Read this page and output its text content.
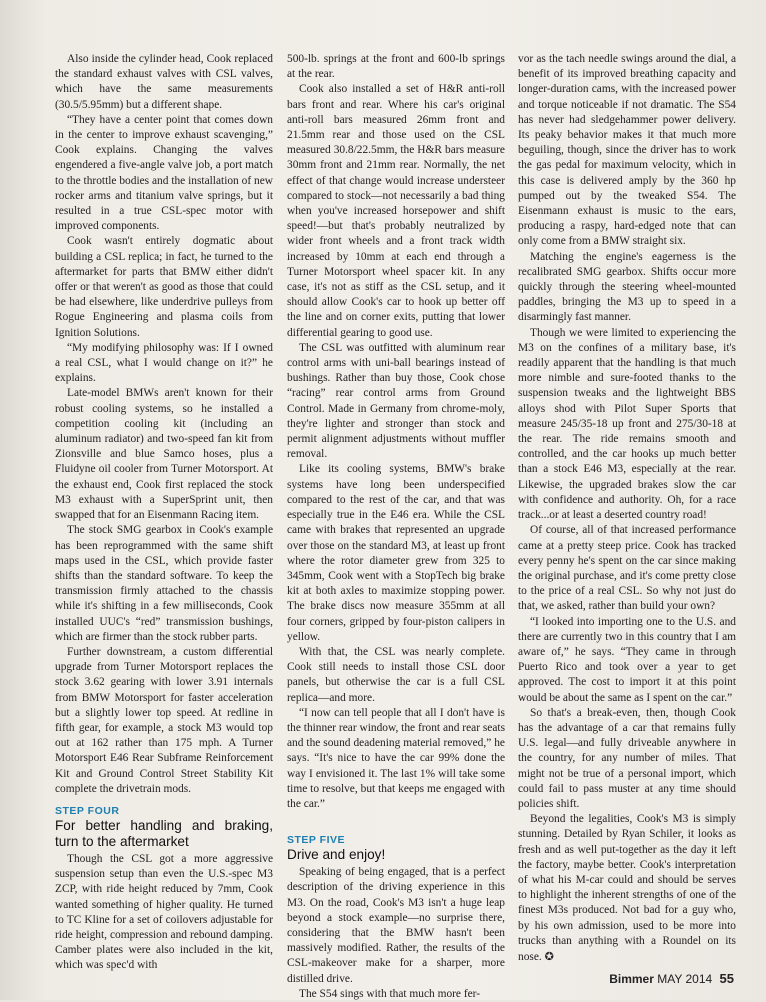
Also inside the cylinder head, Cook replaced the standard exhaust valves with CSL valves, which have the same measurements (30.5/5.95mm) but a different shape.

“They have a center point that comes down in the center to improve exhaust scavenging,” Cook explains. Changing the valves engendered a five-angle valve job, a port match to the throttle bodies and the installation of new rocker arms and titanium valve springs, but it resulted in a true CSL-spec motor with improved components.

Cook wasn't entirely dogmatic about building a CSL replica; in fact, he turned to the aftermarket for parts that BMW either didn't offer or that weren't as good as those that could be had elsewhere, like underdrive pulleys from Rogue Engineering and plasma coils from Ignition Solutions.

“My modifying philosophy was: If I owned a real CSL, what I would change on it?” he explains.

Late-model BMWs aren't known for their robust cooling systems, so he installed a competition cooling kit (including an aluminum radiator) and two-speed fan kit from Zionsville and blue Samco hoses, plus a Fluidyne oil cooler from Turner Motorsport. At the exhaust end, Cook first replaced the stock M3 exhaust with a SuperSprint unit, then swapped that for an Eisenmann Racing item.

The stock SMG gearbox in Cook's example has been reprogrammed with the same shift maps used in the CSL, which provide faster shifts than the standard software. To keep the transmission firmly attached to the chassis while it's shifting in a few milliseconds, Cook installed UUC's “red” transmission bushings, which are firmer than the stock rubber parts.

Further downstream, a custom differential upgrade from Turner Motorsport replaces the stock 3.62 gearing with lower 3.91 internals from BMW Motorsport for faster acceleration but a slightly lower top speed. At redline in fifth gear, for example, a stock M3 would top out at 162 rather than 175 mph. A Turner Motorsport E46 Rear Subframe Reinforcement Kit and Ground Control Street Stability Kit complete the drivetrain mods.

STEP FOUR
For better handling and braking, turn to the aftermarket

Though the CSL got a more aggressive suspension setup than even the U.S.-spec M3 ZCP, with ride height reduced by 7mm, Cook wanted something of higher quality. He turned to TC Kline for a set of coilovers adjustable for ride height, compression and rebound damping. Camber plates were also included in the kit, which was spec'd with

500-lb. springs at the front and 600-lb springs at the rear.

Cook also installed a set of H&R anti-roll bars front and rear. Where his car's original anti-roll bars measured 26mm front and 21.5mm rear and those used on the CSL measured 30.8/22.5mm, the H&R bars measure 30mm front and 21mm rear. Normally, the net effect of that change would increase understeer compared to stock—not necessarily a bad thing when you've increased horsepower and shift speed!—but that's probably neutralized by wider front wheels and a front track width increased by 10mm at each end through a Turner Motorsport wheel spacer kit. In any case, it's not as stiff as the CSL setup, and it should allow Cook's car to hook up better off the line and on corner exits, putting that lower differential gearing to good use.

The CSL was outfitted with aluminum rear control arms with uni-ball bearings instead of bushings. Rather than buy those, Cook chose “racing” rear control arms from Ground Control. Made in Germany from chrome-moly, they're lighter and stronger than stock and permit alignment adjustments without muffler removal.

Like its cooling systems, BMW's brake systems have long been underspecified compared to the rest of the car, and that was especially true in the E46 era. While the CSL came with brakes that represented an upgrade over those on the standard M3, at least up front where the rotor diameter grew from 325 to 345mm, Cook went with a StopTech big brake kit at both axles to maximize stopping power. The brake discs now measure 355mm at all four corners, gripped by four-piston calipers in yellow.

With that, the CSL was nearly complete. Cook still needs to install those CSL door panels, but otherwise the car is a full CSL replica—and more.

“I now can tell people that all I don't have is the thinner rear window, the front and rear seats and the sound deadening material removed,” he says. “It's nice to have the car 99% done the way I envisioned it. The last 1% will take some time to resolve, but that keeps me engaged with the car.”

STEP FIVE
Drive and enjoy!

Speaking of being engaged, that is a perfect description of the driving experience in this M3. On the road, Cook's M3 isn't a huge leap beyond a stock example—no surprise there, considering that the BMW hasn't been massively modified. Rather, the results of the CSL-makeover make for a sharper, more distilled drive.

The S54 sings with that much more fer-

vor as the tach needle swings around the dial, a benefit of its improved breathing capacity and longer-duration cams, with the increased power and torque noticeable if not dramatic. The S54 has never had sledgehammer power delivery. Its peaky behavior makes it that much more beguiling, though, since the driver has to work the gas pedal for maximum velocity, which in this case is delivered amply by the 360 hp pumped out by the tweaked S54. The Eisenmann exhaust is music to the ears, producing a raspy, hard-edged note that can only come from a BMW straight six.

Matching the engine's eagerness is the recalibrated SMG gearbox. Shifts occur more quickly through the steering wheel-mounted paddles, bringing the M3 up to speed in a disarmingly fast manner.

Though we were limited to experiencing the M3 on the confines of a military base, it's readily apparent that the handling is that much more nimble and sure-footed thanks to the suspension tweaks and the lightweight BBS alloys shod with Pilot Super Sports that measure 245/35-18 up front and 275/30-18 at the rear. The ride remains smooth and controlled, and the car hooks up much better than a stock E46 M3, especially at the rear. Likewise, the upgraded brakes slow the car with confidence and authority. Oh, for a race track...or at least a deserted country road!

Of course, all of that increased performance came at a pretty steep price. Cook has tracked every penny he's spent on the car since making the original purchase, and it's come pretty close to the price of a real CSL. So why not just do that, we asked, rather than build your own?

“I looked into importing one to the U.S. and there are currently two in this country that I am aware of,” he says. “They came in through Puerto Rico and took over a year to get approved. The cost to import it at this point would be about the same as I spent on the car.”

So that's a break-even, then, though Cook has the advantage of a car that remains fully U.S. legal—and fully driveable anywhere in the country, for any number of miles. That might not be true of a personal import, which could fail to pass muster at any time should policies shift.

Beyond the legalities, Cook's M3 is simply stunning. Detailed by Ryan Schiler, it looks as fresh and as well put-together as the day it left the factory, maybe better. Cook's interpretation of what his M-car could and should be serves to highlight the inherent strengths of one of the finest M3s produced. Not bad for a guy who, by his own admission, used to be more into trucks than anything with a Roundel on its nose. ✪

Bimmer MAY 2014 55
